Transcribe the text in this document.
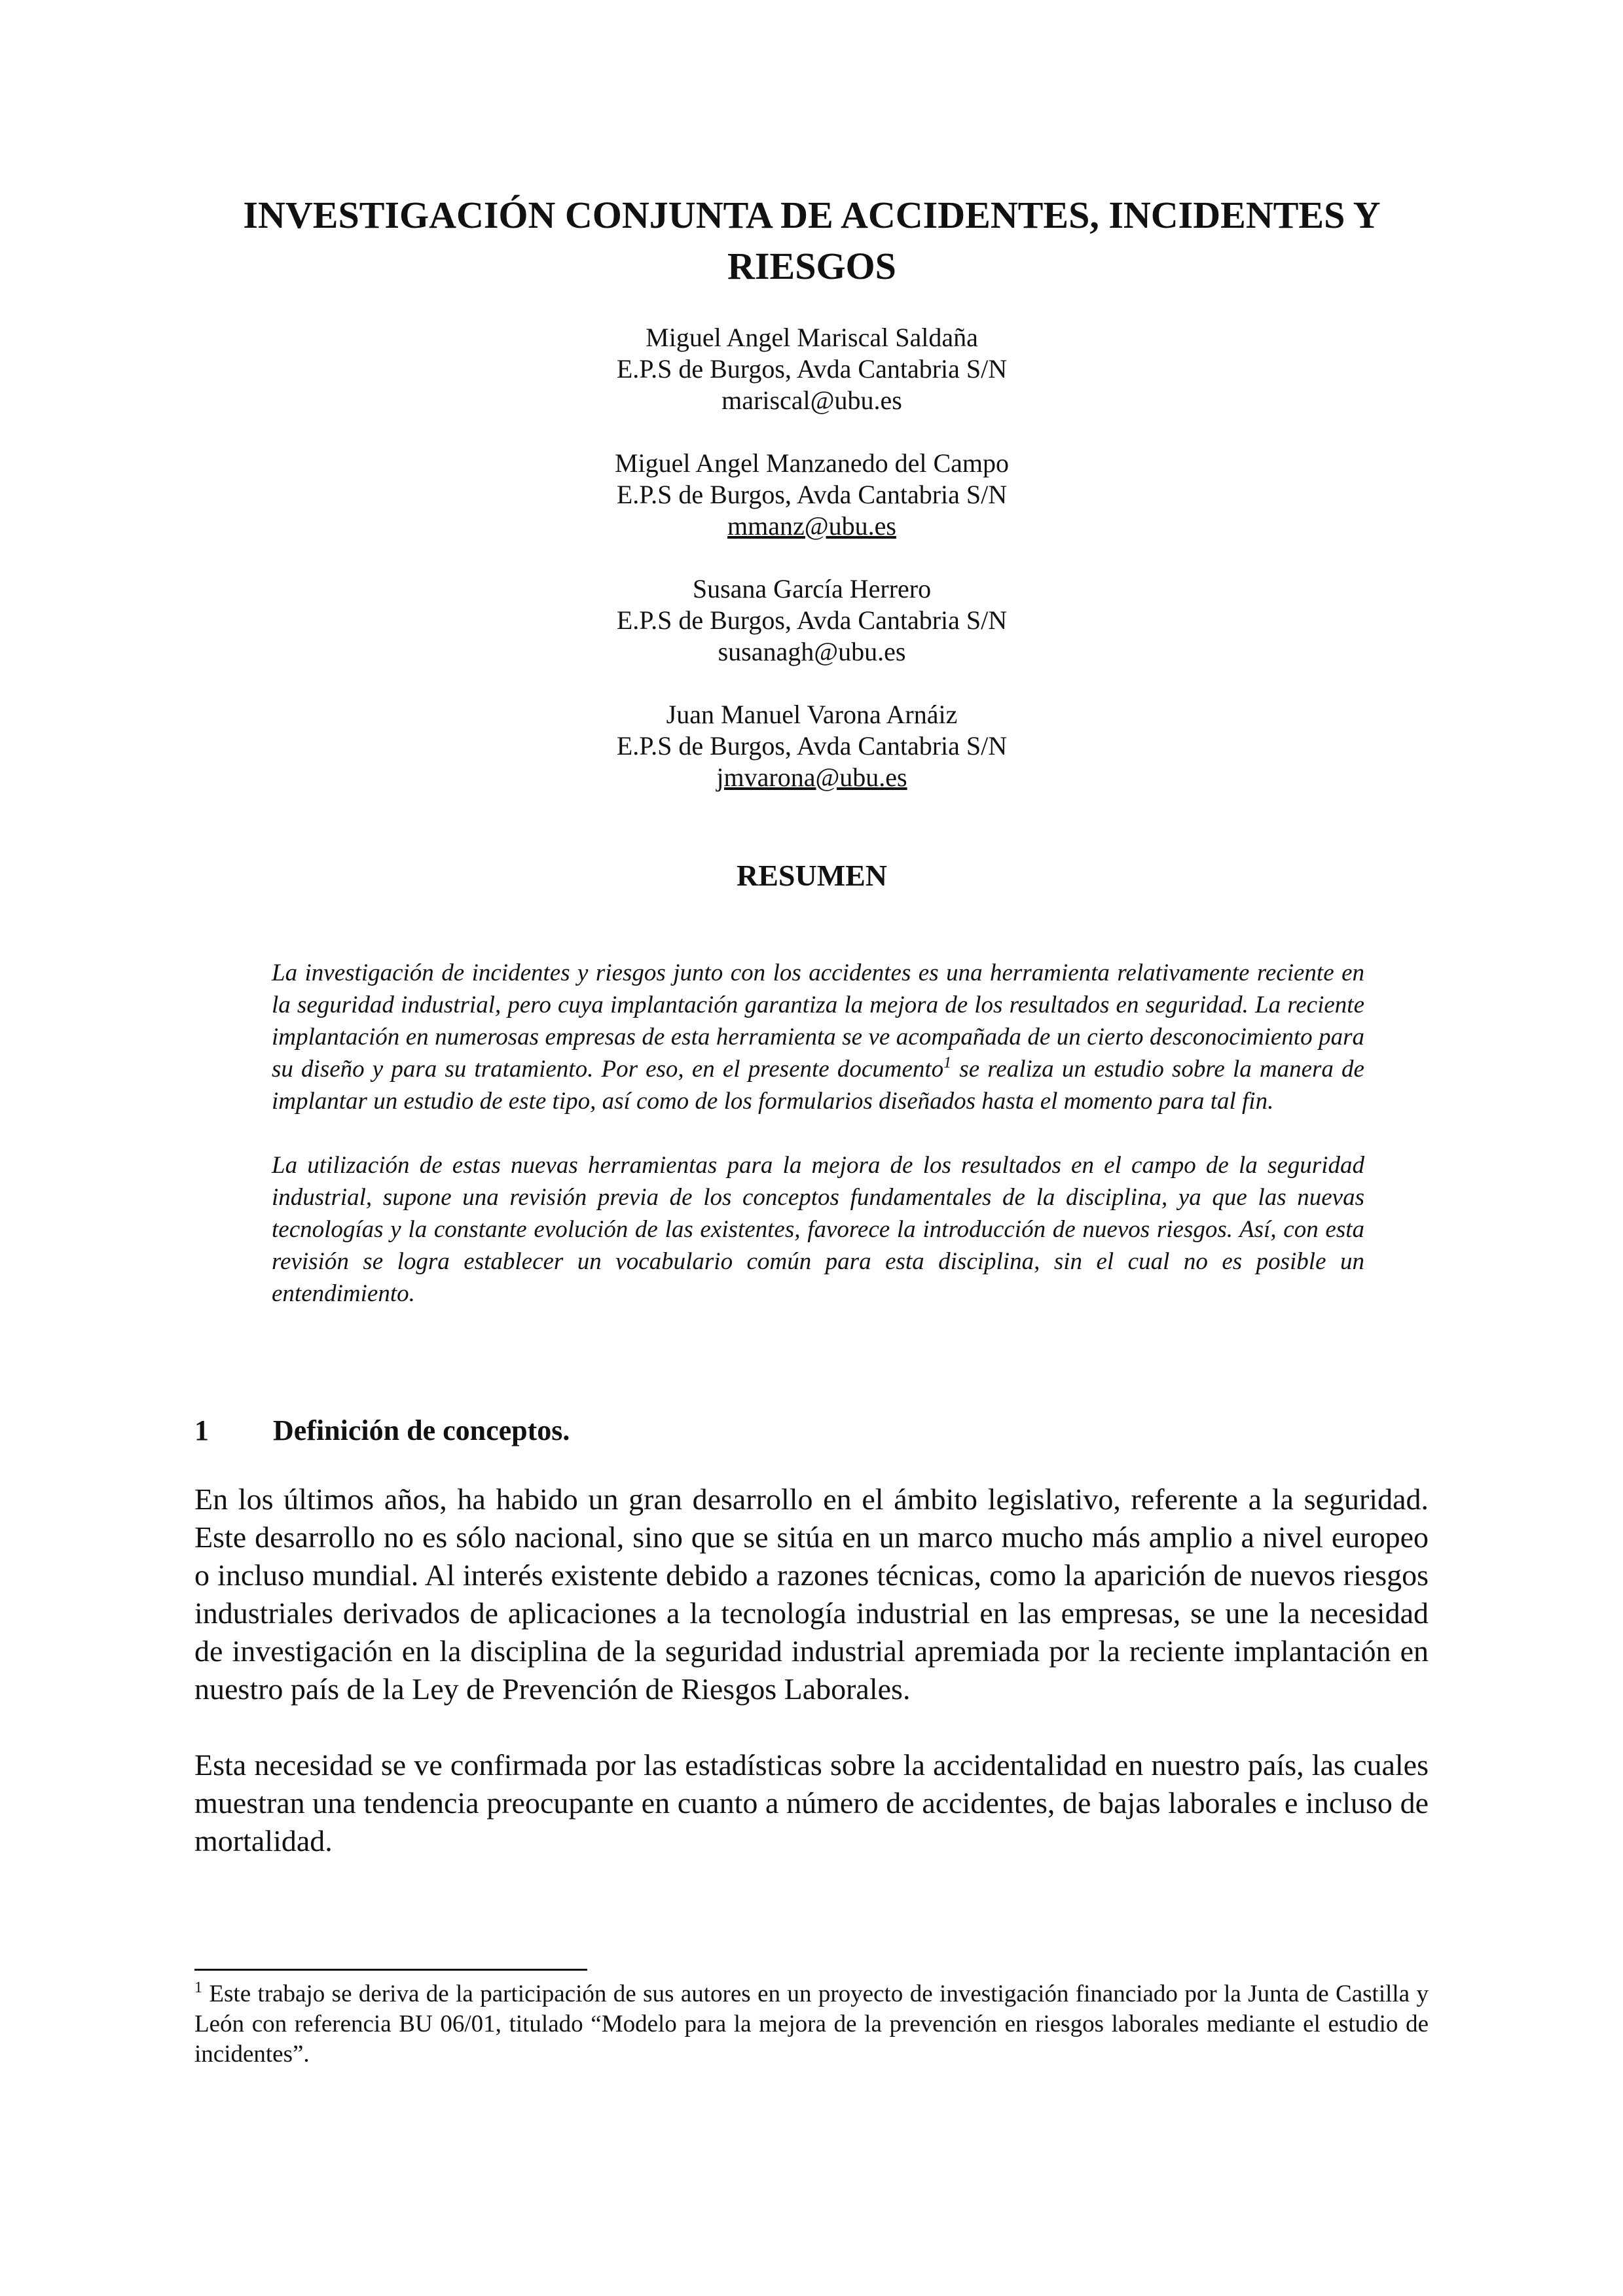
INVESTIGACIÓN CONJUNTA DE ACCIDENTES, INCIDENTES Y RIESGOS
Miguel Angel Mariscal Saldaña
E.P.S de Burgos, Avda Cantabria S/N
mariscal@ubu.es
Miguel Angel Manzanedo del Campo
E.P.S de Burgos, Avda Cantabria S/N
mmanz@ubu.es
Susana García Herrero
E.P.S de Burgos, Avda Cantabria S/N
susanagh@ubu.es
Juan Manuel Varona Arnáiz
E.P.S de Burgos, Avda Cantabria S/N
jmvarona@ubu.es
RESUMEN

La investigación de incidentes y riesgos junto con los accidentes es una herramienta relativamente reciente en la seguridad industrial, pero cuya implantación garantiza la mejora de los resultados en seguridad. La reciente implantación en numerosas empresas de esta herramienta se ve acompañada de un cierto desconocimiento para su diseño y para su tratamiento. Por eso, en el presente documento$^1$ se realiza un estudio sobre la manera de implantar un estudio de este tipo, así como de los formularios diseñados hasta el momento para tal fin.

La utilización de estas nuevas herramientas para la mejora de los resultados en el campo de la seguridad industrial, supone una revisión previa de los conceptos fundamentales de la disciplina, ya que las nuevas tecnologías y la constante evolución de las existentes, favorece la introducción de nuevos riesgos. Así, con esta revisión se logra establecer un vocabulario común para esta disciplina, sin el cual no es posible un entendimiento.

1 Definición de conceptos.

En los últimos años, ha habido un gran desarrollo en el ámbito legislativo, referente a la seguridad. Este desarrollo no es sólo nacional, sino que se sitúa en un marco mucho más amplio a nivel europeo o incluso mundial. Al interés existente debido a razones técnicas, como la aparición de nuevos riesgos industriales derivados de aplicaciones a la tecnología industrial en las empresas, se une la necesidad de investigación en la disciplina de la seguridad industrial apremiada por la reciente implantación en nuestro país de la Ley de Prevención de Riesgos Laborales.

Esta necesidad se ve confirmada por las estadísticas sobre la accidentalidad en nuestro país, las cuales muestran una tendencia preocupante en cuanto a número de accidentes, de bajas laborales e incluso de mortalidad.

$^1$ Este trabajo se deriva de la participación de sus autores en un proyecto de investigación financiado por la Junta de Castilla y León con referencia BU 06/01, titulado “Modelo para la mejora de la prevención en riesgos laborales mediante el estudio de incidentes”.
